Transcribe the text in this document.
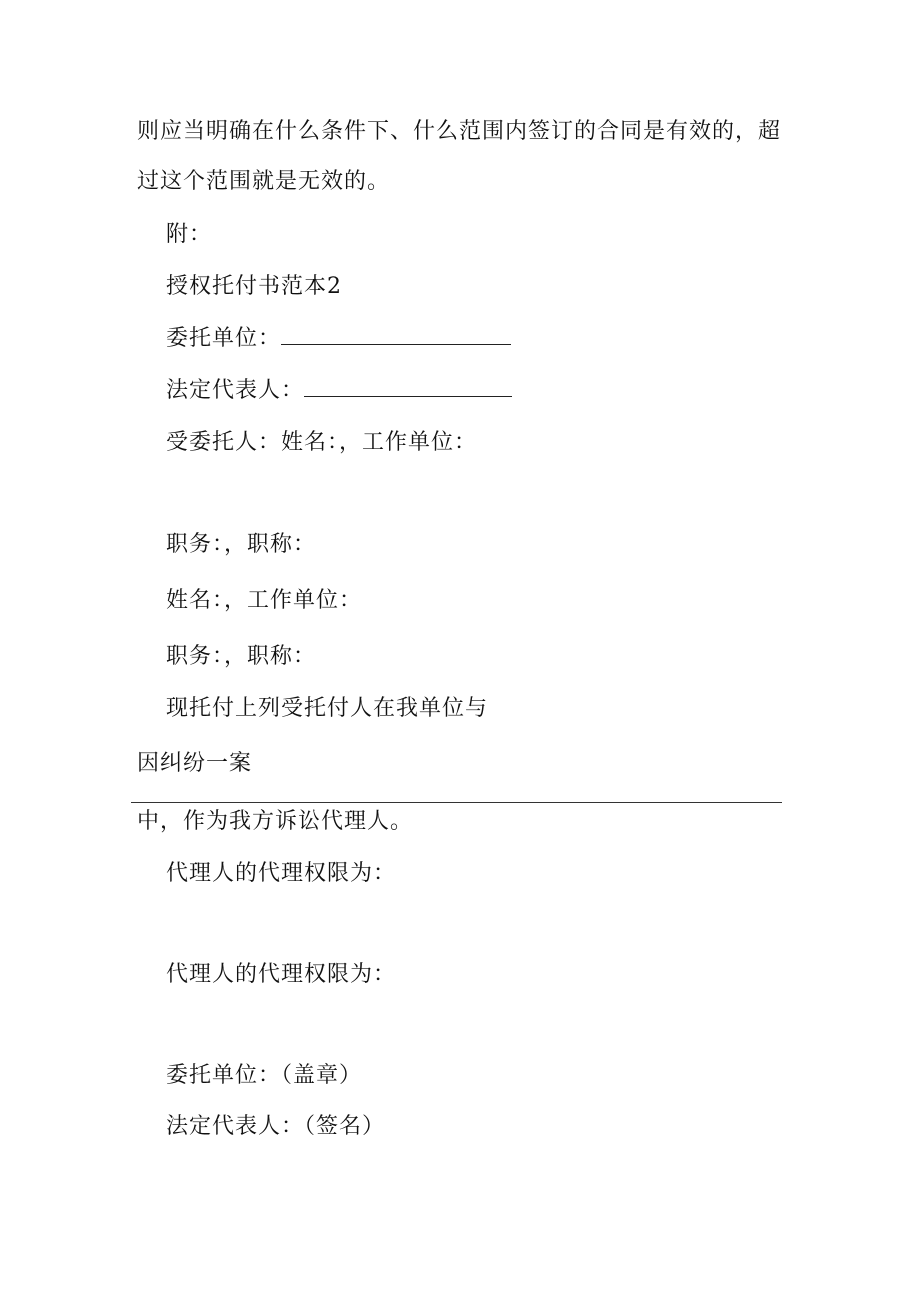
则应当明确在什么条件下、什么范围内签订的合同是有效的，超
过这个范围就是无效的。
附：
授权托付书范本2
委托单位：
法定代表人：
受委托人：姓名：，工作单位：
职务：，职称：
姓名：，工作单位：
职务：，职称：
现托付上列受托付人在我单位与
因纠纷一案
中，作为我方诉讼代理人。
代理人的代理权限为：
代理人的代理权限为：
委托单位：（盖章）
法定代表人：（签名）
